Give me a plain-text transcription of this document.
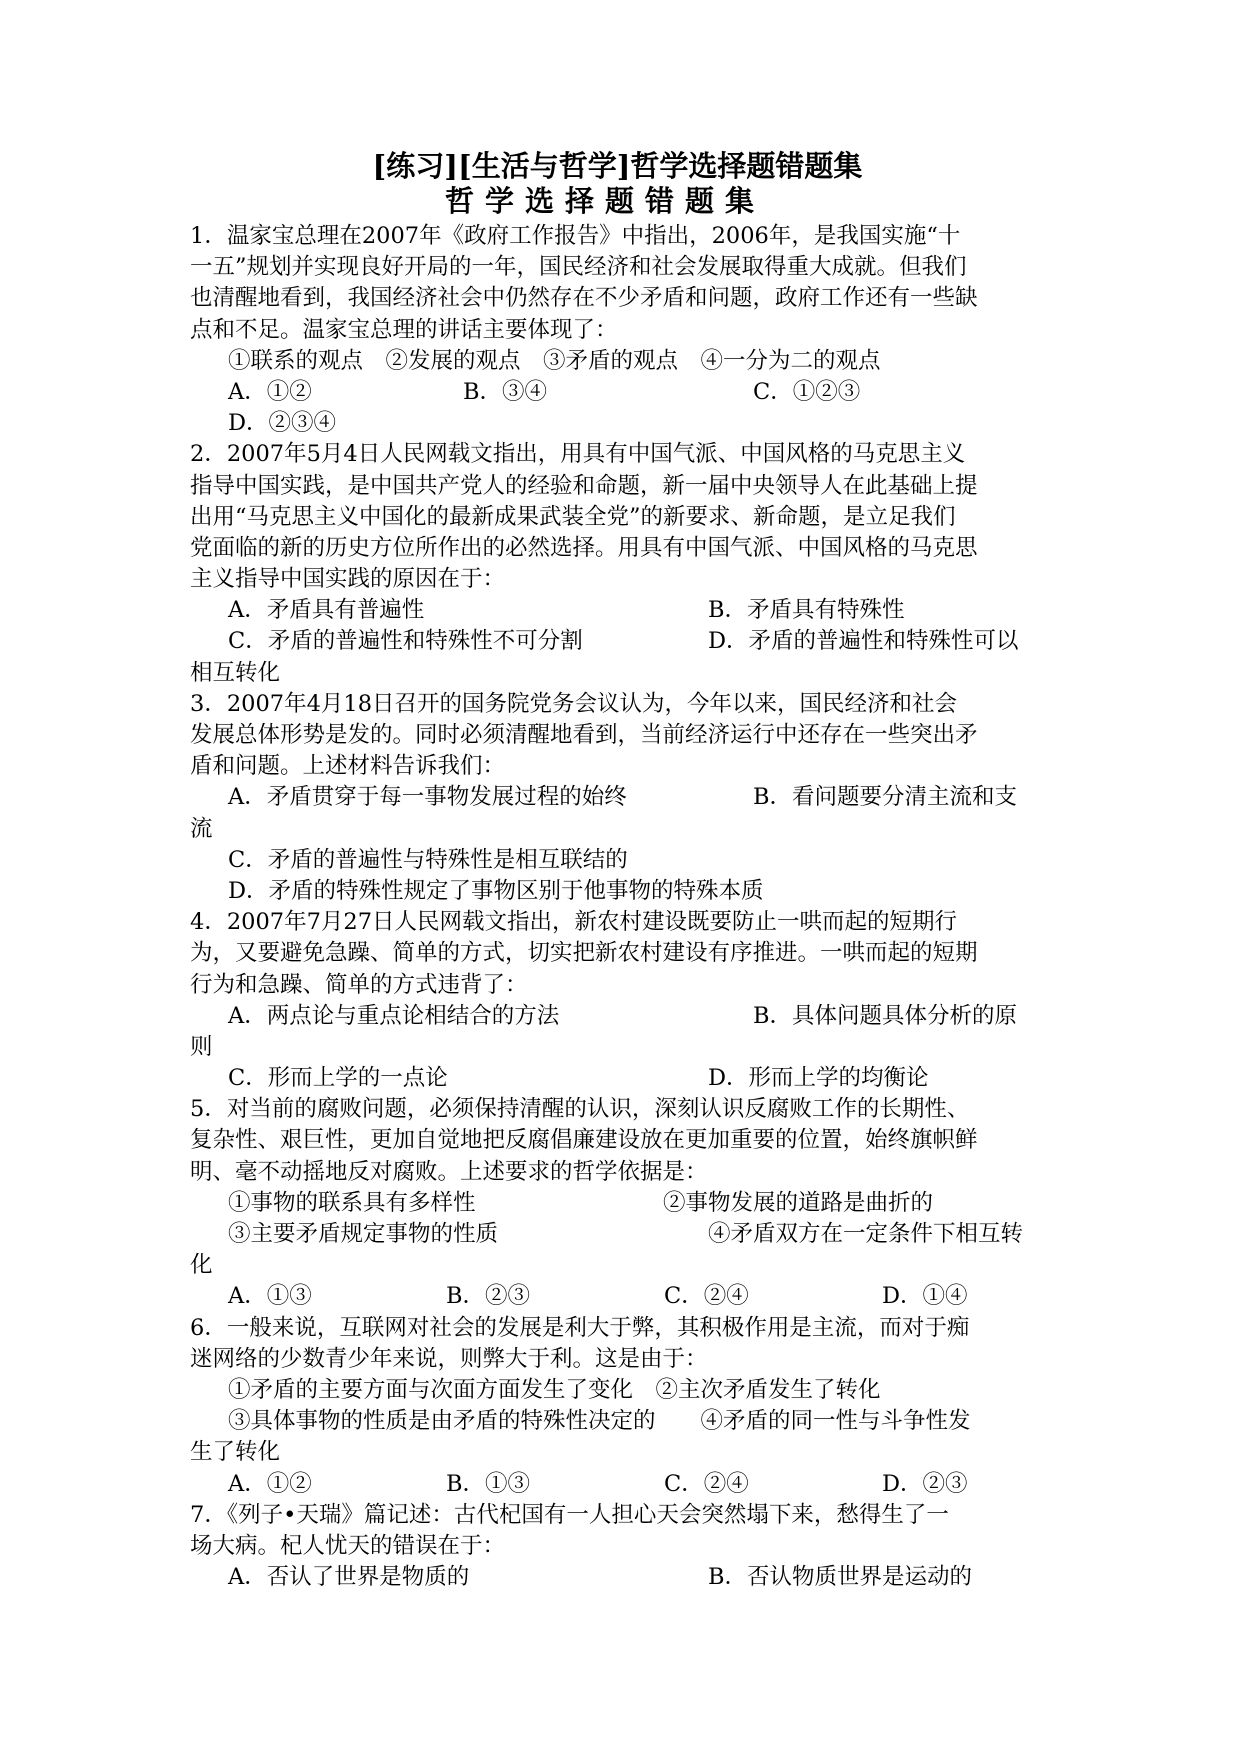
[练习][生活与哲学]哲学选择题错题集
哲学选择题错题集
1．温家宝总理在2007年《政府工作报告》中指出，2006年，是我国实施“十
一五”规划并实现良好开局的一年，国民经济和社会发展取得重大成就。但我们
也清醒地看到，我国经济社会中仍然存在不少矛盾和问题，政府工作还有一些缺
点和不足。温家宝总理的讲话主要体现了：
①联系的观点　②发展的观点　③矛盾的观点　④一分为二的观点
A．①②	B．③④	C．①②③
D．②③④
2．2007年5月4日人民网载文指出，用具有中国气派、中国风格的马克思主义
指导中国实践，是中国共产党人的经验和命题，新一届中央领导人在此基础上提
出用“马克思主义中国化的最新成果武装全党”的新要求、新命题，是立足我们
党面临的新的历史方位所作出的必然选择。用具有中国气派、中国风格的马克思
主义指导中国实践的原因在于：
A．矛盾具有普遍性	B．矛盾具有特殊性
C．矛盾的普遍性和特殊性不可分割	D．矛盾的普遍性和特殊性可以
相互转化
3．2007年4月18日召开的国务院党务会议认为，今年以来，国民经济和社会
发展总体形势是发的。同时必须清醒地看到，当前经济运行中还存在一些突出矛
盾和问题。上述材料告诉我们：
A．矛盾贯穿于每一事物发展过程的始终	B．看问题要分清主流和支
流
C．矛盾的普遍性与特殊性是相互联结的
D．矛盾的特殊性规定了事物区别于他事物的特殊本质
4．2007年7月27日人民网载文指出，新农村建设既要防止一哄而起的短期行
为，又要避免急躁、简单的方式，切实把新农村建设有序推进。一哄而起的短期
行为和急躁、简单的方式违背了：
A．两点论与重点论相结合的方法	B．具体问题具体分析的原
则
C．形而上学的一点论	D．形而上学的均衡论
5．对当前的腐败问题，必须保持清醒的认识，深刻认识反腐败工作的长期性、
复杂性、艰巨性，更加自觉地把反腐倡廉建设放在更加重要的位置，始终旗帜鲜
明、毫不动摇地反对腐败。上述要求的哲学依据是：
①事物的联系具有多样性	②事物发展的道路是曲折的
③主要矛盾规定事物的性质	④矛盾双方在一定条件下相互转
化
A．①③	B．②③	C．②④	D．①④
6．一般来说，互联网对社会的发展是利大于弊，其积极作用是主流，而对于痴
迷网络的少数青少年来说，则弊大于利。这是由于：
①矛盾的主要方面与次面方面发生了变化　②主次矛盾发生了转化
③具体事物的性质是由矛盾的特殊性决定的　　④矛盾的同一性与斗争性发
生了转化
A．①②	B．①③	C．②④	D．②③
7．《列子•天瑞》篇记述：古代杞国有一人担心天会突然塌下来，愁得生了一
场大病。杞人忧天的错误在于：
A．否认了世界是物质的	B．否认物质世界是运动的
